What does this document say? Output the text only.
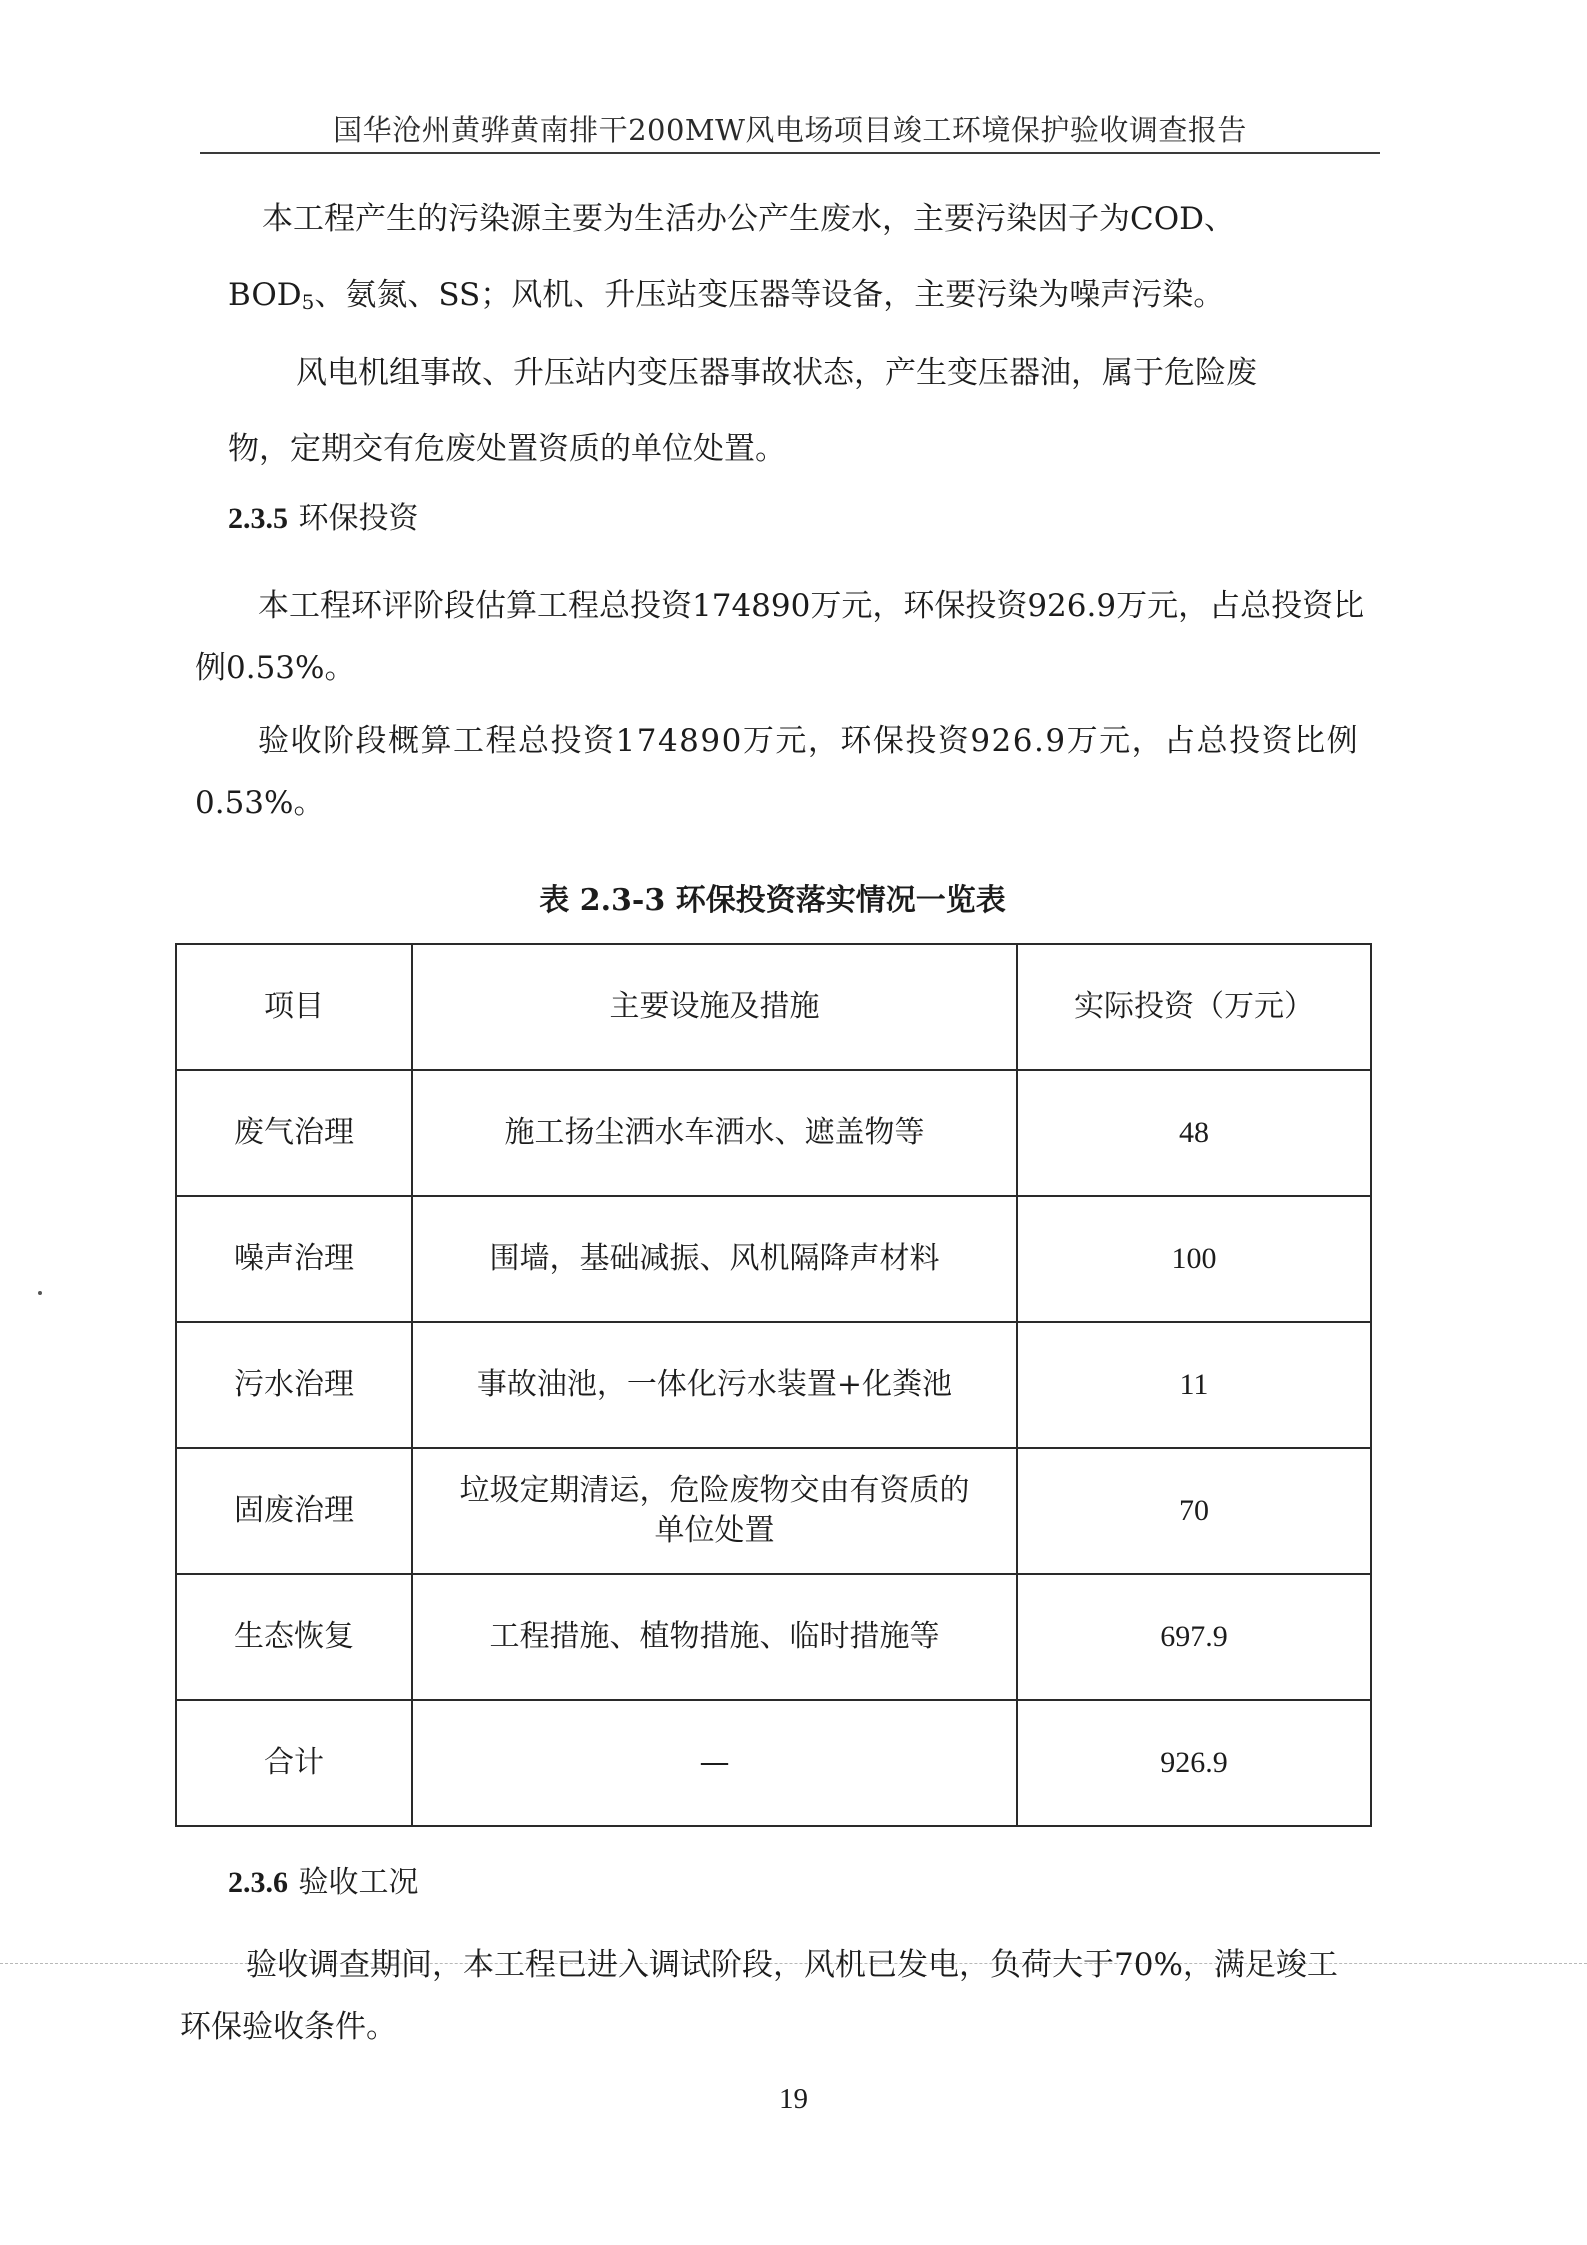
国华沧州黄骅黄南排干200MW风电场项目竣工环境保护验收调查报告
本工程产生的污染源主要为生活办公产生废水，主要污染因子为COD、
$BOD_5$、氨氮、SS；风机、升压站变压器等设备，主要污染为噪声污染。
风电机组事故、升压站内变压器事故状态，产生变压器油，属于危险废
物，定期交有危废处置资质的单位处置。
2.3.5 环保投资
本工程环评阶段估算工程总投资174890万元，环保投资926.9万元，占总投资比
例0.53%。
验收阶段概算工程总投资174890万元，环保投资926.9万元，占总投资比例
0.53%。
表 2.3-3 环保投资落实情况一览表
项目	主要设施及措施	实际投资（万元）
废气治理	施工扬尘洒水车洒水、遮盖物等	48
噪声治理	围墙，基础减振、风机隔降声材料	100
污水治理	事故油池，一体化污水装置+化粪池	11
固废治理	垃圾定期清运，危险废物交由有资质的
单位处置	70
生态恢复	工程措施、植物措施、临时措施等	697.9
合计	—	926.9
2.3.6 验收工况
验收调查期间，本工程已进入调试阶段，风机已发电，负荷大于70%，满足竣工
环保验收条件。
19
